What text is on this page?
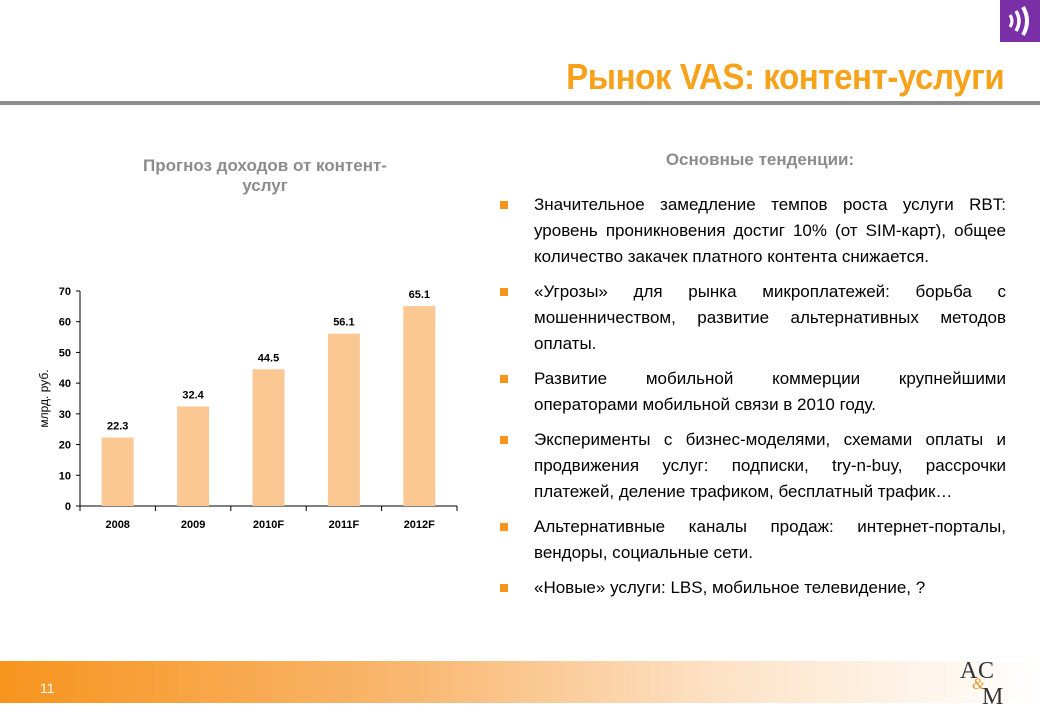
Рынок VAS: контент-услуги
Прогноз доходов от контент-услуг
0
10
20
30
40
50
60
70
22.3
2008
32.4
2009
44.5
2010F
56.1
2011F
65.1
2012F
млрд. руб.
Основные тенденции:
Значительное замедление темпов роста услуги RBT: уровень проникновения достиг 10% (от SIM-карт), общее количество закачек платного контента снижается.
«Угрозы» для рынка микроплатежей: борьба с мошенничеством, развитие альтернативных методов оплаты.
Развитие мобильной коммерции крупнейшими операторами мобильной связи в 2010 году.
Эксперименты с бизнес-моделями, схемами оплаты и продвижения услуг: подписки, try-n-buy, рассрочки платежей, деление трафиком, бесплатный трафик…
Альтернативные каналы продаж: интернет-порталы, вендоры, социальные сети.
«Новые» услуги: LBS, мобильное телевидение, ?
11
A C
&
M
